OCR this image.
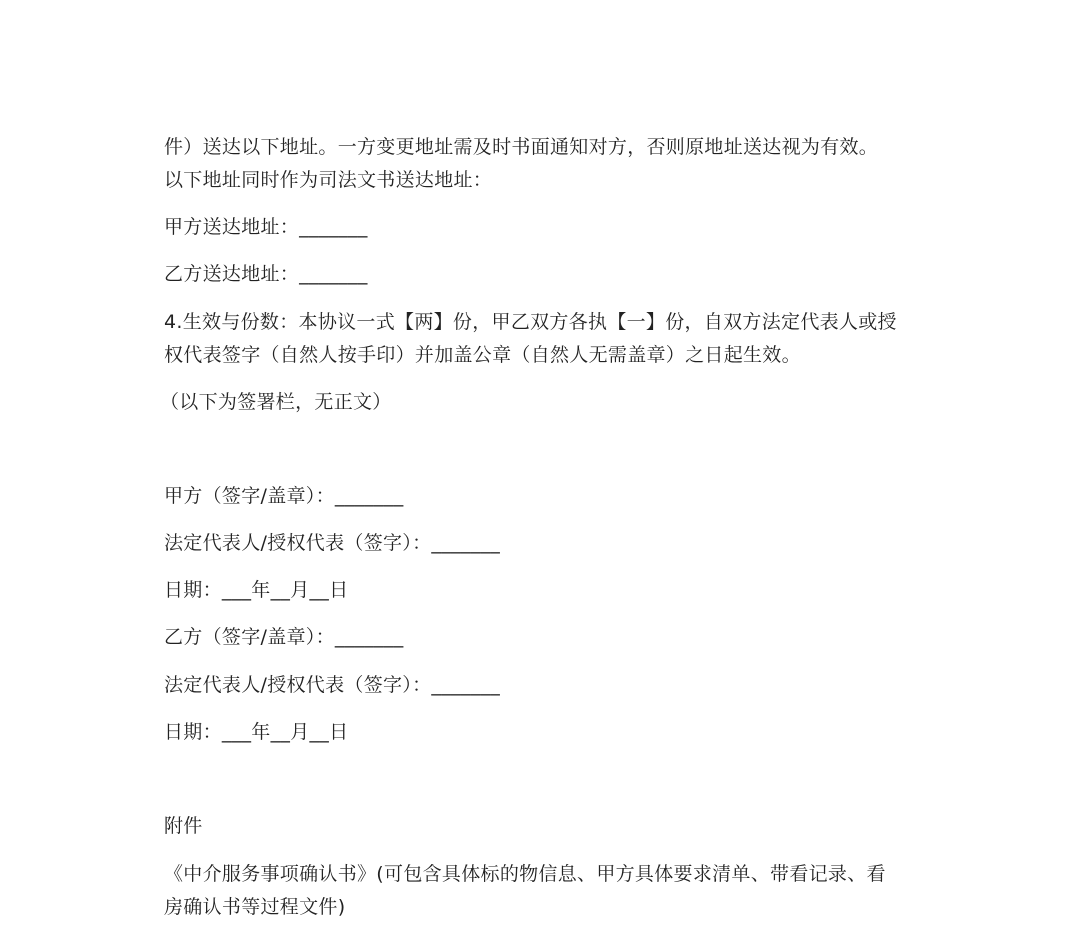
件）送达以下地址。一方变更地址需及时书面通知对方，否则原地址送达视为有效。
以下地址同时作为司法文书送达地址：
甲方送达地址：_______
乙方送达地址：_______
4.生效与份数：本协议一式【两】份，甲乙双方各执【一】份，自双方法定代表人或授
权代表签字（自然人按手印）并加盖公章（自然人无需盖章）之日起生效。
（以下为签署栏，无正文）
甲方（签字/盖章）：_______
法定代表人/授权代表（签字）：_______
日期：___年__月__日
乙方（签字/盖章）：_______
法定代表人/授权代表（签字）：_______
日期：___年__月__日
附件
《中介服务事项确认书》(可包含具体标的物信息、甲方具体要求清单、带看记录、看
房确认书等过程文件)
